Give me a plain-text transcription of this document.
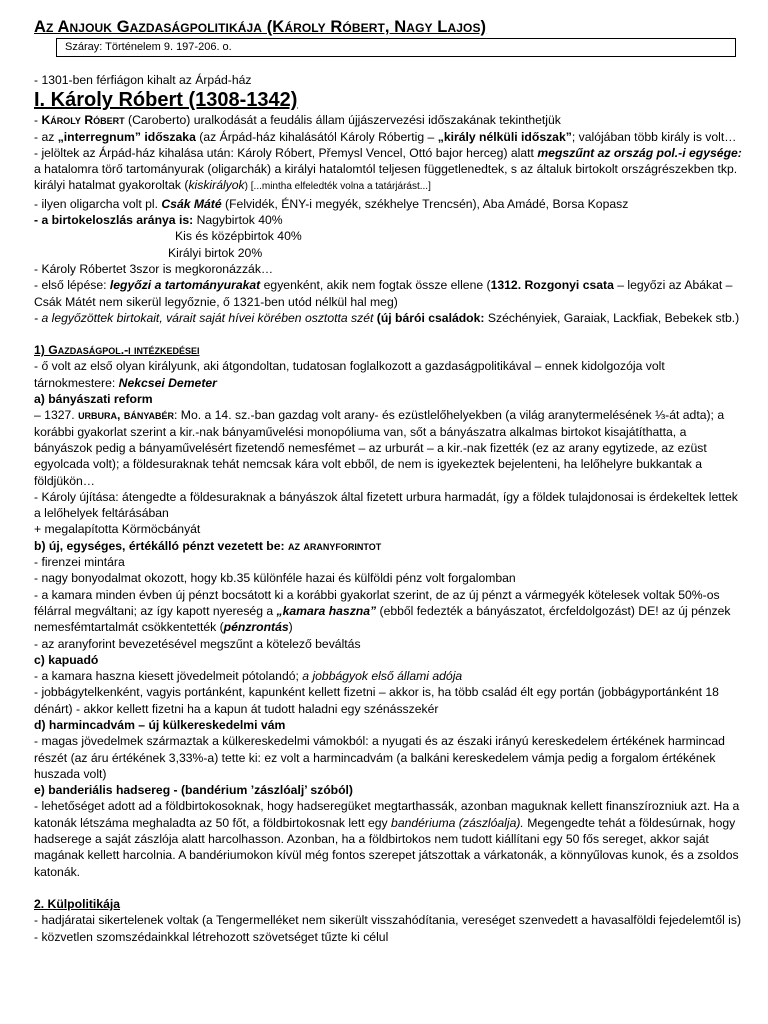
Az Anjouk Gazdaságpolitikája (Károly Róbert, Nagy Lajos)
Száray: Történelem 9. 197-206. o.
- 1301-ben férfiágon kihalt az Árpád-ház
I. Károly Róbert (1308-1342)
- Károly Róbert (Caroberto) uralkodását a feudális állam újjászervezési időszakának tekinthetjük
- az „interregnum” időszaka (az Árpád-ház kihalásától Károly Róbertig – „király nélküli időszak”; valójában több király is volt…
- jelöltek az Árpád-ház kihalása után: Károly Róbert, Přemysl Vencel, Ottó bajor herceg) alatt megszűnt az ország pol.-i egysége: a hatalomra törő tartományurak (oligarchák) a királyi hatalomtól teljesen függetlenedtek, s az általuk birtokolt országrészekben tkp. királyi hatalmat gyakoroltak (kiskirályok) [...mintha elfeledték volna a tatárjárást...]
- ilyen oligarcha volt pl. Csák Máté (Felvidék, ÉNY-i megyék, székhelye Trencsén), Aba Amádé, Borsa Kopasz
- a birtokeloszlás aránya is: Nagybirtok 40%
Kis és középbirtok 40%
Királyi birtok 20%
- Károly Róbertet 3szor is megkoronázzák…
- első lépése: legyőzi a tartományurakat egyenként, akik nem fogtak össze ellene (1312. Rozgonyi csata – legyőzi az Abákat – Csák Mátét nem sikerül legyőznie, ő 1321-ben utód nélkül hal meg)
- a legyőzöttek birtokait, várait saját hívei körében osztotta szét (új bárói családok: Széchényiek, Garaiak, Lackfiak, Bebekek stb.)
1) Gazdaságpol.-i intézkedései
- ő volt az első olyan királyunk, aki átgondoltan, tudatosan foglalkozott a gazdaságpolitikával – ennek kidolgozója volt tárnokmestere: Nekcsei Demeter
a) bányászati reform
– 1327. urbura, bányabér: Mo. a 14. sz.-ban gazdag volt arany- és ezüstlelőhelyekben (a világ aranytermelésének ⅓-át adta); a korábbi gyakorlat szerint a kir.-nak bányaművelési monopóliuma van, sőt a bányászatra alkalmas birtokot kisajátíthatta, a bányászok pedig a bányaművelésért fizetendő nemesfémet – az urburát – a kir.-nak fizették (ez az arany egytizede, az ezüst egyolcada volt); a földesuraknak tehát nemcsak kára volt ebből, de nem is igyekeztek bejelenteni, ha lelőhelyre bukkantak a földjükön…
- Károly újítása: átengedte a földesuraknak a bányászok által fizetett urbura harmadát, így a földek tulajdonosai is érdekeltek lettek a lelőhelyek feltárásában
+ megalapította Körmöcbányát
b) új, egységes, értékálló pénzt vezetett be: az aranyforintot
- firenzei mintára
- nagy bonyodalmat okozott, hogy kb.35 különféle hazai és külföldi pénz volt forgalomban
- a kamara minden évben új pénzt bocsátott ki a korábbi gyakorlat szerint, de az új pénzt a vármegyék kötelesek voltak 50%-os félárral megváltani; az így kapott nyereség a „kamara haszna” (ebből fedezték a bányászatot, ércfeldolgozást) DE! az új pénzek nemesfémtartalmát csökkentették (pénzrontás)
- az aranyforint bevezetésével megszűnt a kötelező beváltás
c) kapuadó
- a kamara haszna kiesett jövedelmeit pótolandó; a jobbágyok első állami adója
- jobbágytelkenként, vagyis portánként, kapunként kellett fizetni – akkor is, ha több család élt egy portán (jobbágyportánként 18 dénárt) - akkor kellett fizetni ha a kapun át tudott haladni egy szénásszekér
d) harmincadvám – új külkereskedelmi vám
- magas jövedelmek származtak a külkereskedelmi vámokból: a nyugati és az északi irányú kereskedelem értékének harmincad részét (az áru értékének 3,33%-a) tette ki: ez volt a harmincadvám (a balkáni kereskedelem vámja pedig a forgalom értékének huszada volt)
e) banderiális hadsereg - (bandérium ’zászlóalj’ szóból)
- lehetőséget adott ad a földbirtokosoknak, hogy hadseregüket megtarthassák, azonban maguknak kellett finanszírozniuk azt. Ha a katonák létszáma meghaladta az 50 főt, a földbirtokosnak lett egy bandériuma (zászlóalja). Megengedte tehát a földesúrnak, hogy hadserege a saját zászlója alatt harcolhasson. Azonban, ha a földbirtokos nem tudott kiállítani egy 50 fős sereget, akkor saját magának kellett harcolnia. A bandériumokon kívül még fontos szerepet játszottak a várkatonák, a könnyűlovas kunok, és a zsoldos katonák.
2. Külpolitikája
- hadjáratai sikertelenek voltak (a Tengermelléket nem sikerült visszahódítania, vereséget szenvedett a havasalföldi fejedelemtől is)
- közvetlen szomszédainkkal létrehozott szövetséget tűzte ki célul
